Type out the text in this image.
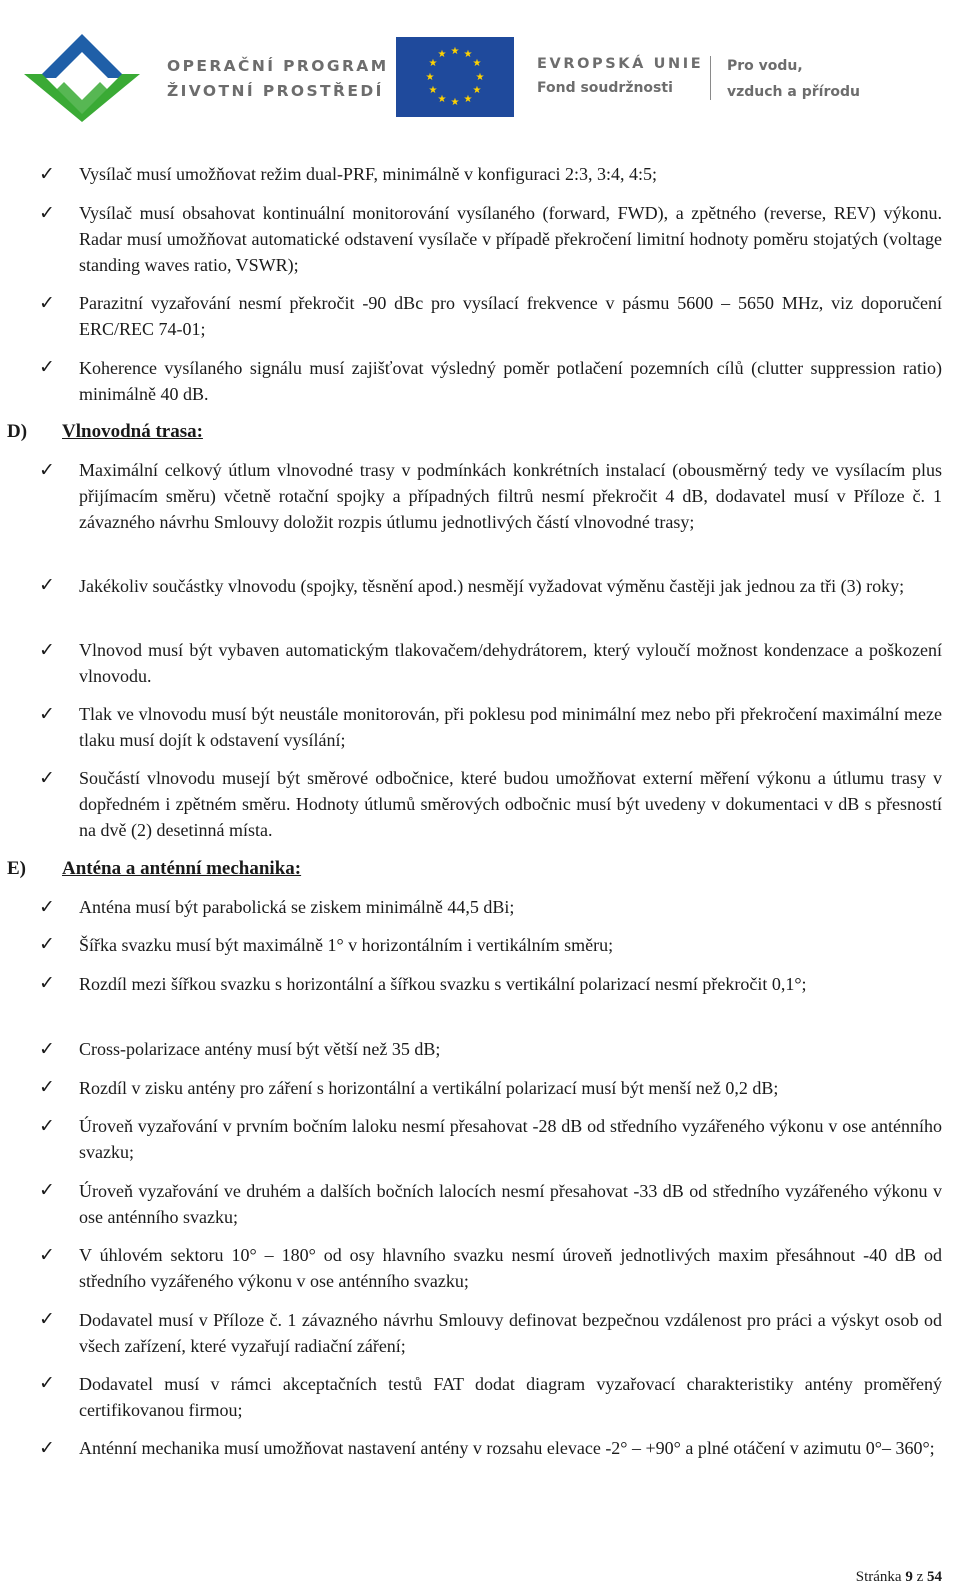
OPERAČNÍ PROGRAM
ŽIVOTNÍ PROSTŘEDÍ
★ ★
★
★
★
★
★
★
★
★
★
★
EVROPSKÁ UNIE
Fond soudržnosti
Pro vodu,
vzduch a přírodu
✓ Vysílač musí umožňovat režim dual-PRF, minimálně v konfiguraci 2:3, 3:4, 4:5;
✓ Vysílač musí obsahovat kontinuální monitorování vysílaného (forward, FWD), a zpětného (reverse, REV) výkonu. Radar musí umožňovat automatické odstavení vysílače v případě překročení limitní hodnoty poměru stojatých (voltage standing waves ratio, VSWR);
✓ Parazitní vyzařování nesmí překročit -90 dBc pro vysílací frekvence v pásmu 5600 – 5650 MHz, viz doporučení ERC/REC 74-01;
✓ Koherence vysílaného signálu musí zajišťovat výsledný poměr potlačení pozemních cílů (clutter suppression ratio) minimálně 40 dB.
D) Vlnovodná trasa:
✓ Maximální celkový útlum vlnovodné trasy v podmínkách konkrétních instalací (obousměrný tedy ve vysílacím plus přijímacím směru) včetně rotační spojky a případných filtrů nesmí překročit 4 dB, dodavatel musí v Příloze č. 1 závazného návrhu Smlouvy doložit rozpis útlumu jednotlivých částí vlnovodné trasy;
✓ Jakékoliv součástky vlnovodu (spojky, těsnění apod.) nesmějí vyžadovat výměnu častěji jak jednou za tři (3) roky;
✓ Vlnovod musí být vybaven automatickým tlakovačem/dehydrátorem, který vyloučí možnost kondenzace a poškození vlnovodu.
✓ Tlak ve vlnovodu musí být neustále monitorován, při poklesu pod minimální mez nebo při překročení maximální meze tlaku musí dojít k odstavení vysílání;
✓ Součástí vlnovodu musejí být směrové odbočnice, které budou umožňovat externí měření výkonu a útlumu trasy v dopředném i zpětném směru. Hodnoty útlumů směrových odbočnic musí být uvedeny v dokumentaci v dB s přesností na dvě (2) desetinná místa.
E) Anténa a anténní mechanika:
✓ Anténa musí být parabolická se ziskem minimálně 44,5 dBi;
✓ Šířka svazku musí být maximálně 1° v horizontálním i vertikálním směru;
✓ Rozdíl mezi šířkou svazku s horizontální a šířkou svazku s vertikální polarizací nesmí překročit 0,1°;
✓ Cross-polarizace antény musí být větší než 35 dB;
✓ Rozdíl v zisku antény pro záření s horizontální a vertikální polarizací musí být menší než 0,2 dB;
✓ Úroveň vyzařování v prvním bočním laloku nesmí přesahovat -28 dB od středního vyzářeného výkonu v ose anténního svazku;
✓ Úroveň vyzařování ve druhém a dalších bočních lalocích nesmí přesahovat -33 dB od středního vyzářeného výkonu v ose anténního svazku;
✓ V úhlovém sektoru 10° – 180° od osy hlavního svazku nesmí úroveň jednotlivých maxim přesáhnout -40 dB od středního vyzářeného výkonu v ose anténního svazku;
✓ Dodavatel musí v Příloze č. 1 závazného návrhu Smlouvy definovat bezpečnou vzdálenost pro práci a výskyt osob od všech zařízení, které vyzařují radiační záření;
✓ Dodavatel musí v rámci akceptačních testů FAT dodat diagram vyzařovací charakteristiky antény proměřený certifikovanou firmou;
✓ Anténní mechanika musí umožňovat nastavení antény v rozsahu elevace -2° – +90° a plné otáčení v azimutu 0°– 360°;
Stránka 9 z 54
